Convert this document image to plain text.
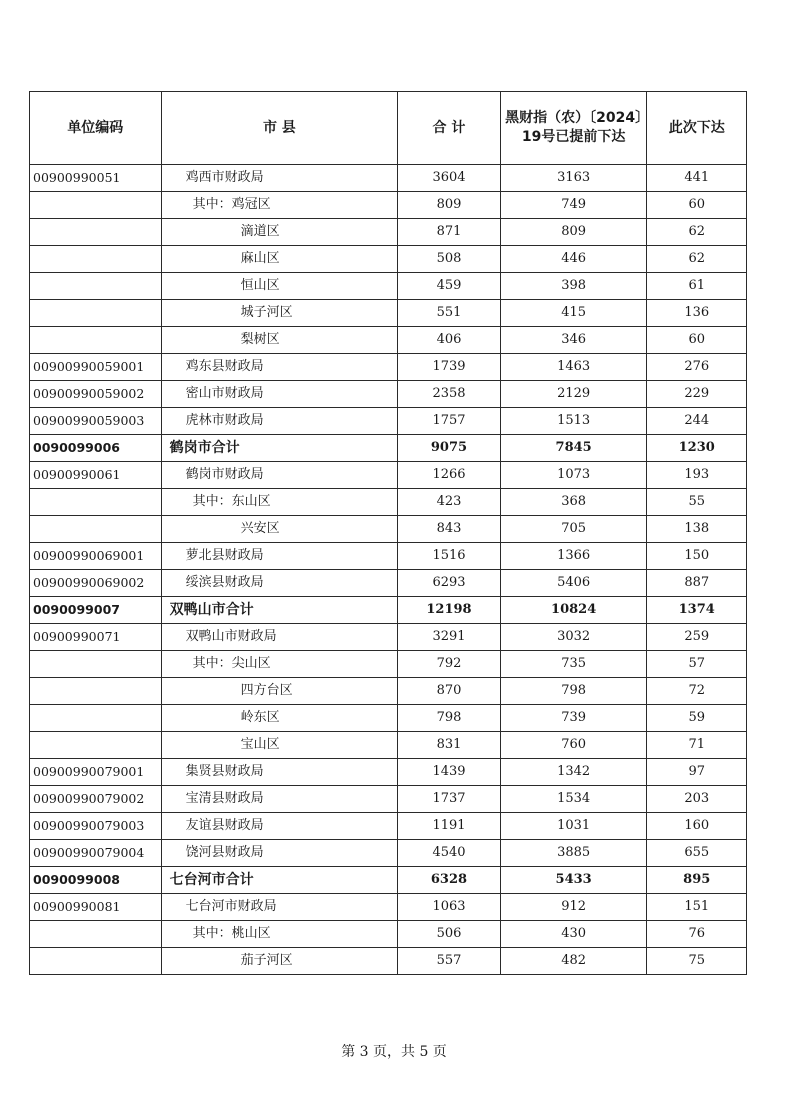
单位编码	市 县	合 计	黑财指（农）〔2024〕19号已提前下达	此次下达
00900990051	鸡西市财政局	3604	3163	441
	其中：鸡冠区	809	749	60
	滴道区	871	809	62
	麻山区	508	446	62
	恒山区	459	398	61
	城子河区	551	415	136
	梨树区	406	346	60
00900990059001	鸡东县财政局	1739	1463	276
00900990059002	密山市财政局	2358	2129	229
00900990059003	虎林市财政局	1757	1513	244
0090099006	鹤岗市合计	9075	7845	1230
00900990061	鹤岗市财政局	1266	1073	193
	其中：东山区	423	368	55
	兴安区	843	705	138
00900990069001	萝北县财政局	1516	1366	150
00900990069002	绥滨县财政局	6293	5406	887
0090099007	双鸭山市合计	12198	10824	1374
00900990071	双鸭山市财政局	3291	3032	259
	其中：尖山区	792	735	57
	四方台区	870	798	72
	岭东区	798	739	59
	宝山区	831	760	71
00900990079001	集贤县财政局	1439	1342	97
00900990079002	宝清县财政局	1737	1534	203
00900990079003	友谊县财政局	1191	1031	160
00900990079004	饶河县财政局	4540	3885	655
0090099008	七台河市合计	6328	5433	895
00900990081	七台河市财政局	1063	912	151
	其中：桃山区	506	430	76
	茄子河区	557	482	75
第 3 页，共 5 页
